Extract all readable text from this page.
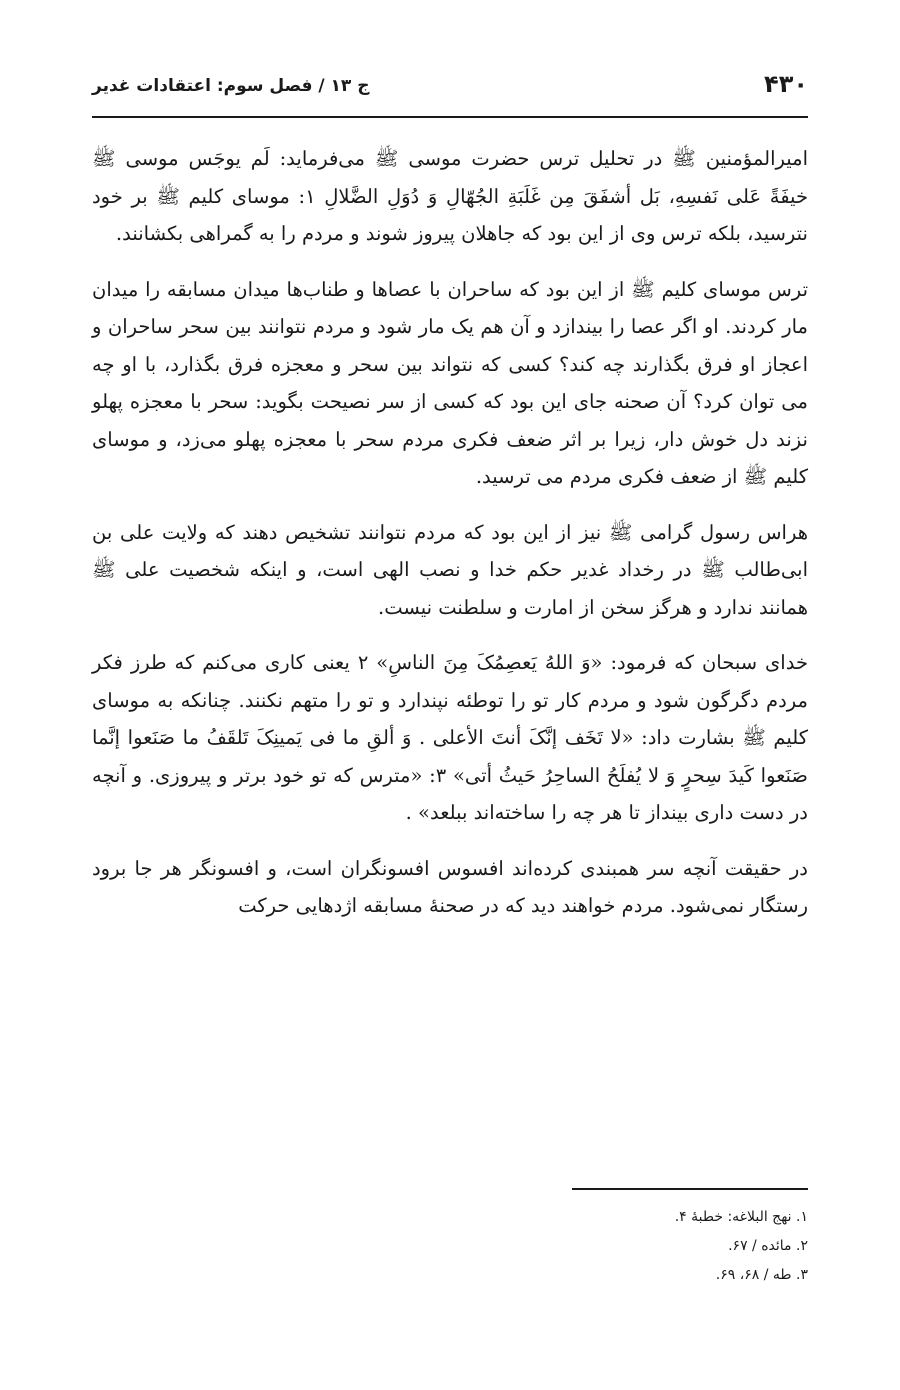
۴۳۰
ج ۱۳ / فصل سوم: اعتقادات غدیر

امیرالمؤمنین ﷺ در تحلیل ترس حضرت موسی ﷺ می‌فرماید: لَم یوجَس موسی ﷺ خیفَةً عَلی نَفسِهِ، بَل أشفَقَ مِن غَلَبَةِ الجُهّالِ وَ دُوَلِ الضَّلالِ ۱: موسای کلیم ﷺ بر خود نترسید، بلکه ترس وی از این بود که جاهلان پیروز شوند و مردم را به گمراهی بکشانند.

ترس موسای کلیم ﷺ از این بود که ساحران با عصاها و طناب‌ها میدان مسابقه را میدان مار کردند. او اگر عصا را بیندازد و آن هم یک مار شود و مردم نتوانند بین سحر ساحران و اعجاز او فرق بگذارند چه کند؟ کسی که نتواند بین سحر و معجزه فرق بگذارد، با او چه می توان کرد؟ آن صحنه جای این بود که کسی از سر نصیحت بگوید: سحر با معجزه پهلو نزند دل خوش دار، زیرا بر اثر ضعف فکری مردم سحر با معجزه پهلو می‌زد، و موسای کلیم ﷺ از ضعف فکری مردم می ترسید.

هراس رسول گرامی ﷺ نیز از این بود که مردم نتوانند تشخیص دهند که ولایت علی بن ابی‌طالب ﷺ در رخداد غدیر حکم خدا و نصب الهی است، و اینکه شخصیت علی ﷺ همانند ندارد و هرگز سخن از امارت و سلطنت نیست.

خدای سبحان که فرمود: «وَ اللهُ یَعصِمُکَ مِنَ الناسِ» ۲ یعنی کاری می‌کنم که طرز فکر مردم دگرگون شود و مردم کار تو را توطئه نپندارد و تو را متهم نکنند. چنانکه به موسای کلیم ﷺ بشارت داد: «لا تَخَف إنَّکَ أنتَ الأعلی . وَ ألقِ ما فی یَمینِکَ تَلقَفُ ما صَنَعوا إنَّما صَنَعوا کَیدَ سِحرٍ وَ لا یُفلَحُ الساحِرُ حَیثُ أتی» ۳: «مترس که تو خود برتر و پیروزی. و آنچه در دست داری بینداز تا هر چه را ساخته‌اند ببلعد» .

در حقیقت آنچه سر همبندی کرده‌اند افسوس افسونگران است، و افسونگر هر جا برود رستگار نمی‌شود. مردم خواهند دید که در صحنهٔ مسابقه اژدهایی حرکت

۱. نهج البلاغه: خطبهٔ ۴.

۲. مائده / ۶۷.

۳. طه / ۶۸، ۶۹.
